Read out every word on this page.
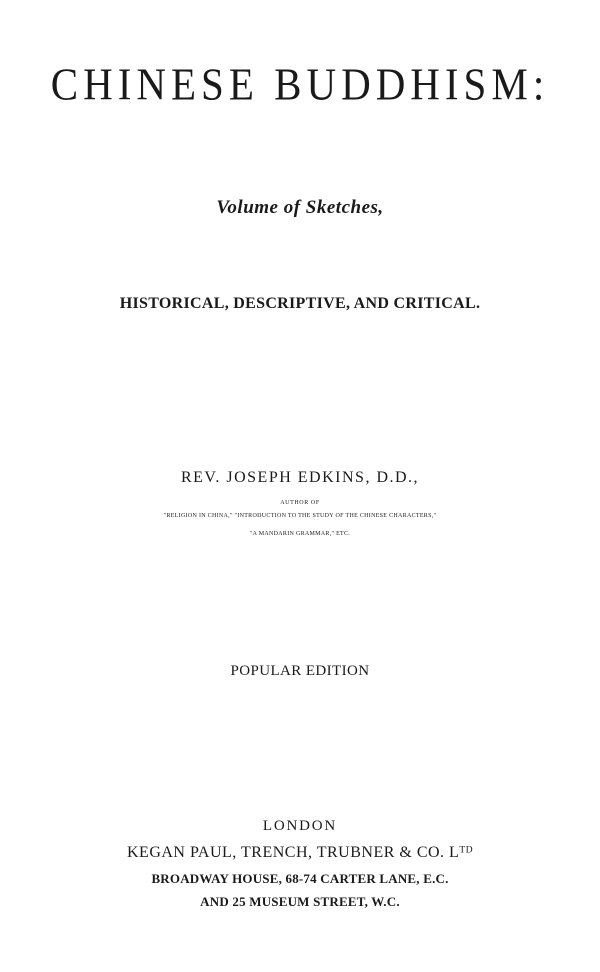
CHINESE BUDDHISM:
Volume of Sketches,
HISTORICAL, DESCRIPTIVE, AND CRITICAL.
REV. JOSEPH EDKINS, D.D.,
AUTHOR OF
"RELIGION IN CHINA," "INTRODUCTION TO THE STUDY OF THE CHINESE CHARACTERS,"
"A MANDARIN GRAMMAR," ETC.
POPULAR EDITION
LONDON
KEGAN PAUL, TRENCH, TRUBNER & CO. Lᵀᴰ
BROADWAY HOUSE, 68-74 CARTER LANE, E.C.
AND 25 MUSEUM STREET, W.C.
